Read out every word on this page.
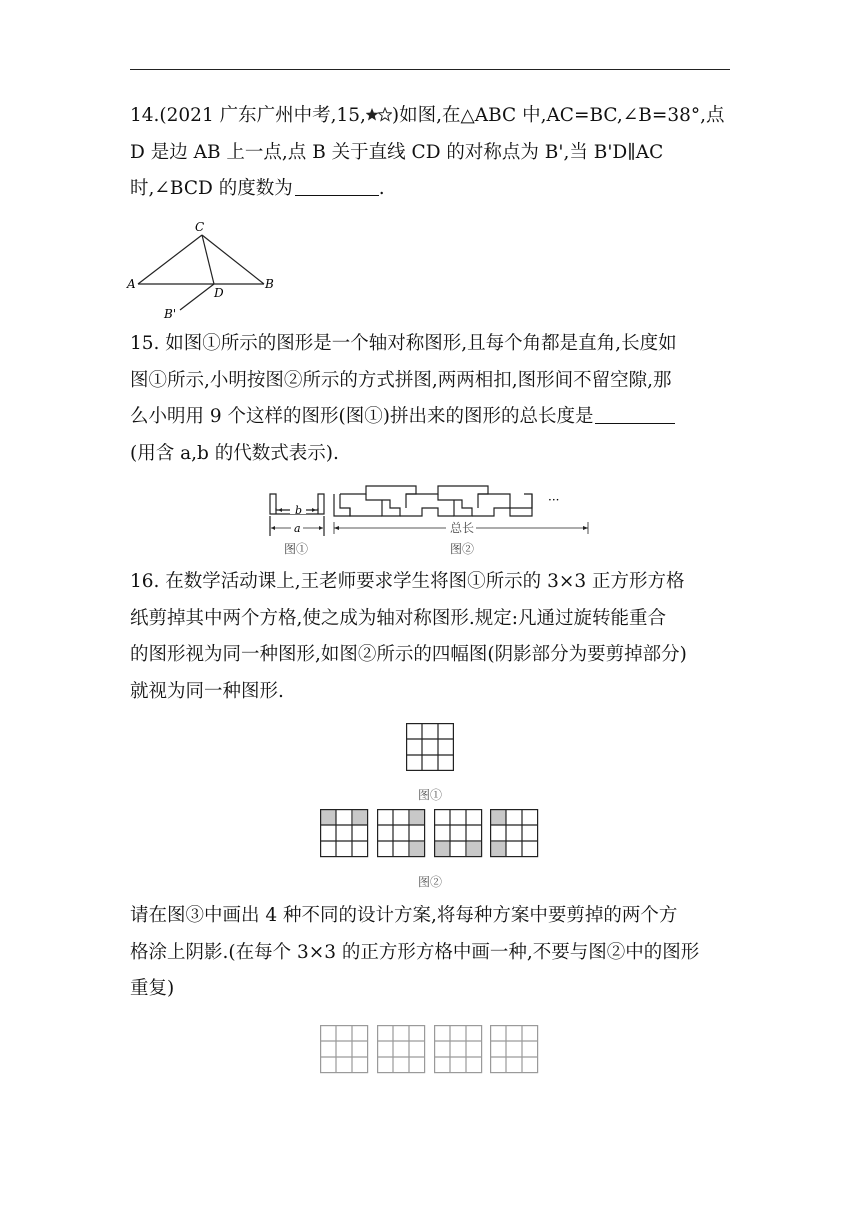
14.(2021 广东广州中考,15, )如图,在△ABC 中,AC=BC,∠B=38°,点
D 是边 AB 上一点,点 B 关于直线 CD 的对称点为 B',当 B'D∥AC
时,∠BCD 的度数为	.
C
A
D
B
B'
15. 如图①所示的图形是一个轴对称图形,且每个角都是直角,长度如
图①所示,小明按图②所示的方式拼图,两两相扣,图形间不留空隙,那
么小明用 9 个这样的图形(图①)拼出来的图形的总长度是
(用含 a,b 的代数式表示).
b
a
图①
···
总长
图②
16. 在数学活动课上,王老师要求学生将图①所示的 3×3 正方形方格
纸剪掉其中两个方格,使之成为轴对称图形.规定:凡通过旋转能重合
的图形视为同一种图形,如图②所示的四幅图(阴影部分为要剪掉部分)
就视为同一种图形.
图①
图②
请在图③中画出 4 种不同的设计方案,将每种方案中要剪掉的两个方
格涂上阴影.(在每个 3×3 的正方形方格中画一种,不要与图②中的图形
重复)
